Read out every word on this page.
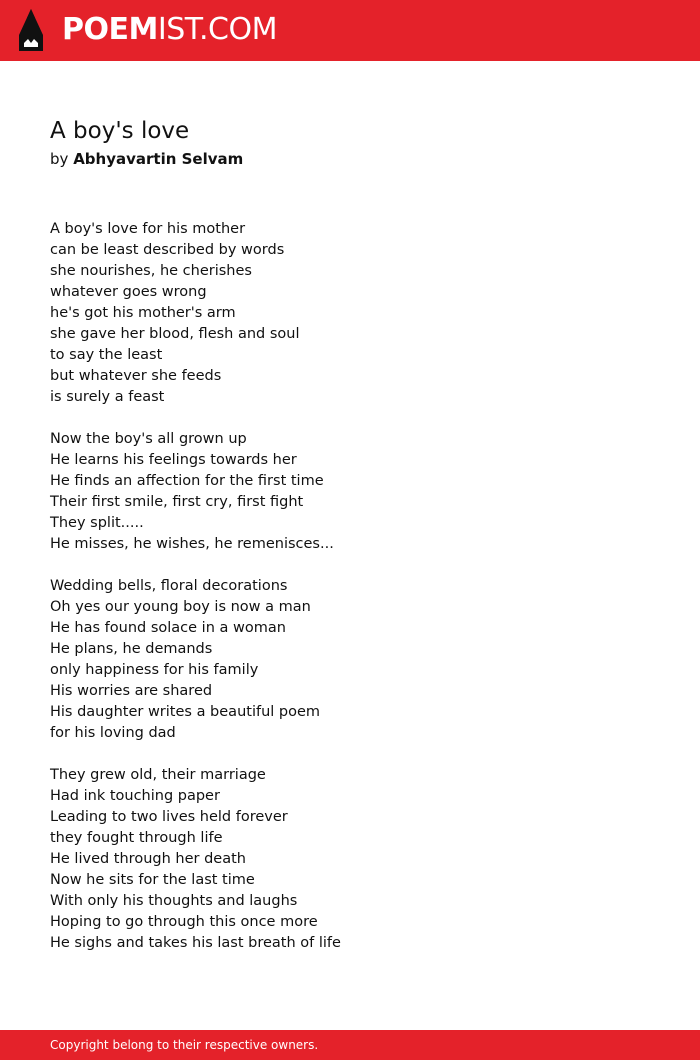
POEMIST.COM
A boy's love
by Abhyavartin Selvam
A boy's love for his mother
can be least described by words
she nourishes, he cherishes
whatever goes wrong
he's got his mother's arm
she gave her blood, flesh and soul
to say the least
but whatever she feeds
is surely a feast
Now the boy's all grown up
He learns his feelings towards her
He finds an affection for the first time
Their first smile, first cry, first fight
They split.....
He misses, he wishes, he remenisces...
Wedding bells, floral decorations
Oh yes our young boy is now a man
He has found solace in a woman
He plans, he demands
only happiness for his family
His worries are shared
His daughter writes a beautiful poem
for his loving dad
They grew old, their marriage
Had ink touching paper
Leading to two lives held forever
they fought through life
He lived through her death
Now he sits for the last time
With only his thoughts and laughs
Hoping to go through this once more
He sighs and takes his last breath of life
Copyright belong to their respective owners.
